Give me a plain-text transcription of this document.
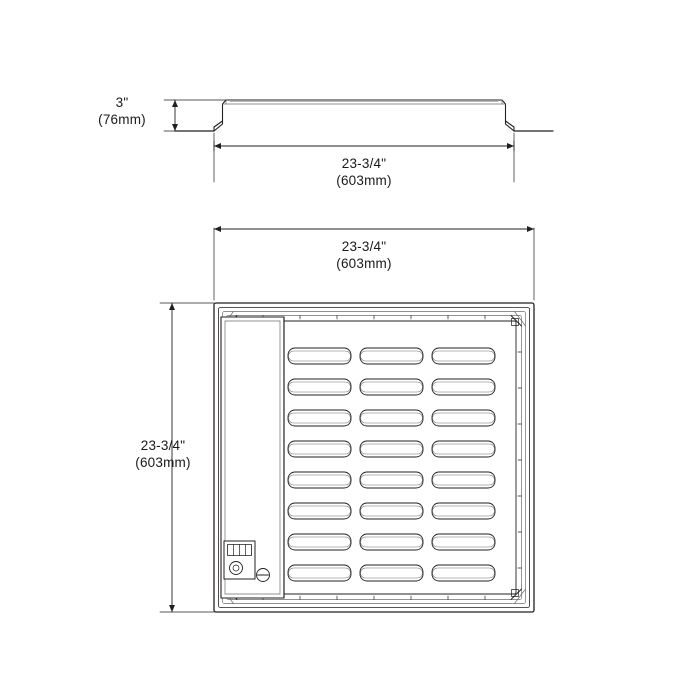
3"
(76mm)
23-3/4"
(603mm)
23-3/4"
(603mm)
23-3/4"
(603mm)
